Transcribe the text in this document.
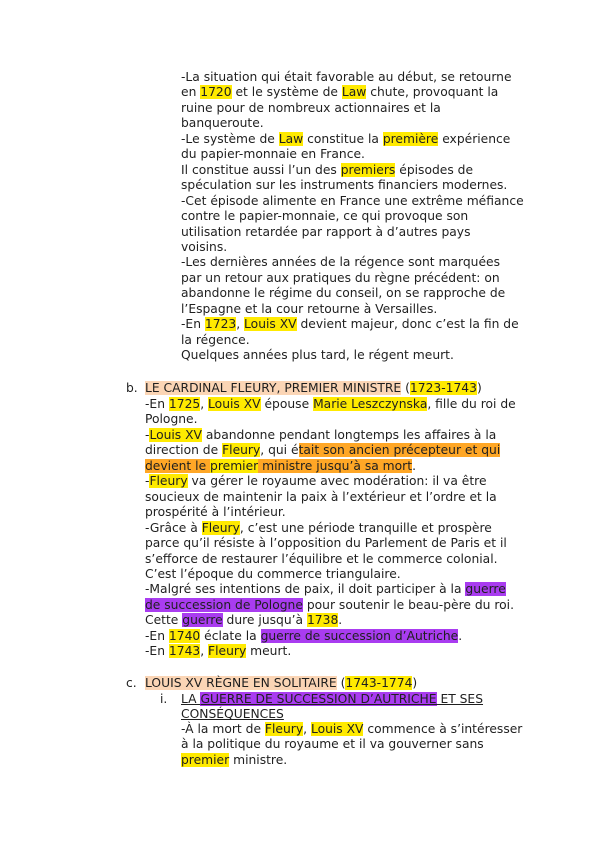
-La situation qui était favorable au début, se retourne
en 1720 et le système de Law chute, provoquant la
ruine pour de nombreux actionnaires et la
banqueroute.
-Le système de Law constitue la première expérience
du papier-monnaie en France.
Il constitue aussi l’un des premiers épisodes de
spéculation sur les instruments financiers modernes.
-Cet épisode alimente en France une extrême méfiance
contre le papier-monnaie, ce qui provoque son
utilisation retardée par rapport à d’autres pays
voisins.
-Les dernières années de la régence sont marquées
par un retour aux pratiques du règne précédent: on
abandonne le régime du conseil, on se rapproche de
l’Espagne et la cour retourne à Versailles.
-En 1723, Louis XV devient majeur, donc c’est la fin de
la régence.
Quelques années plus tard, le régent meurt.
b. LE CARDINAL FLEURY, PREMIER MINISTRE (1723-1743)
-En 1725, Louis XV épouse Marie Leszczynska, fille du roi de
Pologne.
-Louis XV abandonne pendant longtemps les affaires à la
direction de Fleury, qui était son ancien précepteur et qui
devient le premier ministre jusqu’à sa mort.
-Fleury va gérer le royaume avec modération: il va être
soucieux de maintenir la paix à l’extérieur et l’ordre et la
prospérité à l’intérieur.
-Grâce à Fleury, c’est une période tranquille et prospère
parce qu’il résiste à l’opposition du Parlement de Paris et il
s’efforce de restaurer l’équilibre et le commerce colonial.
C’est l’époque du commerce triangulaire.
-Malgré ses intentions de paix, il doit participer à la guerre
de succession de Pologne pour soutenir le beau-père du roi.
Cette guerre dure jusqu’à 1738.
-En 1740 éclate la guerre de succession d’Autriche.
-En 1743, Fleury meurt.
c. LOUIS XV RÈGNE EN SOLITAIRE (1743-1774)
i. LA GUERRE DE SUCCESSION D’AUTRICHE ET SES
CONSÉQUENCES
-À la mort de Fleury, Louis XV commence à s’intéresser
à la politique du royaume et il va gouverner sans
premier ministre.
